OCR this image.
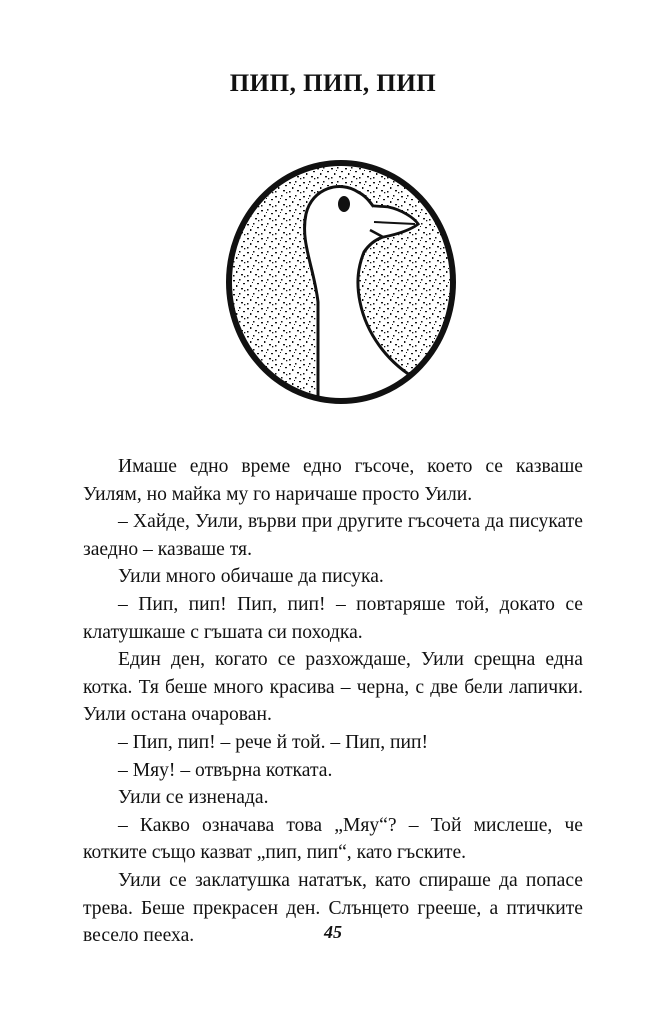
ПИП, ПИП, ПИП

Имаше едно време едно гъсоче, което се казваше Уилям, но майка му го наричаше просто Уили.

– Хайде, Уили, върви при другите гъсочета да писукате заедно – казваше тя.

Уили много обичаше да писука.

– Пип, пип! Пип, пип! – повтаряше той, докато се клатушкаше с гъшата си походка.

Един ден, когато се разхождаше, Уили срещна една котка. Тя беше много красива – черна, с две бели лапички. Уили остана очарован.

– Пип, пип! – рече й той. – Пип, пип!

– Мяу! – отвърна котката.

Уили се изненада.

– Какво означава това „Мяу“? – Той мислеше, че котките също казват „пип, пип“, като гъските.

Уили се заклатушка нататък, като спираше да попасе трева. Беше прекрасен ден. Слънцето грееше, а птичките весело пееха.	45
